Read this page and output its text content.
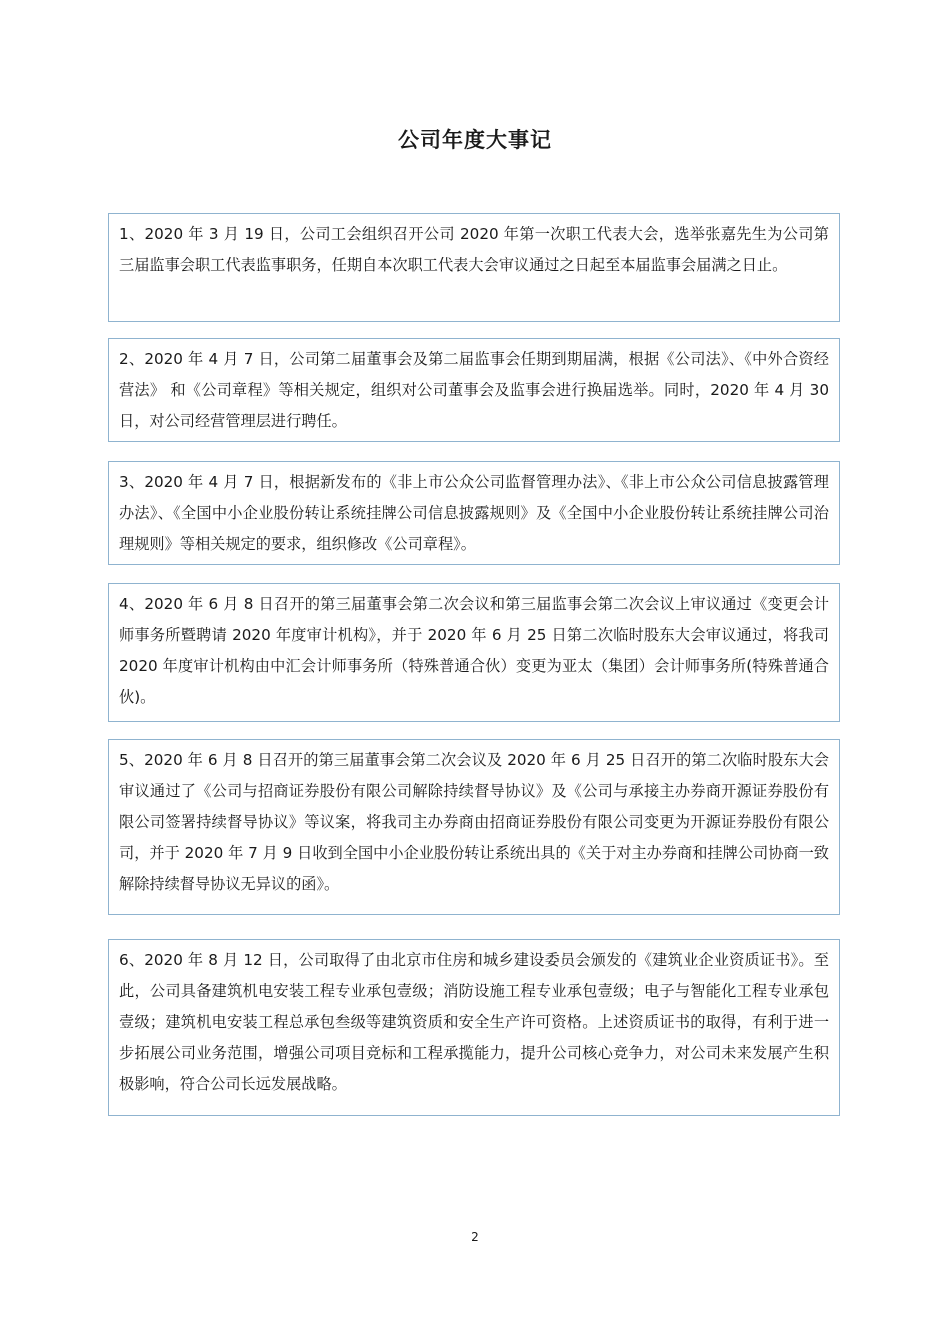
公司年度大事记

1、2020 年 3 月 19 日，公司工会组织召开公司 2020 年第一次职工代表大会，选举张嘉先生为公司第三届监事会职工代表监事职务，任期自本次职工代表大会审议通过之日起至本届监事会届满之日止。

2、2020 年 4 月 7 日，公司第二届董事会及第二届监事会任期到期届满，根据《公司法》、《中外合资经营法》 和《公司章程》等相关规定，组织对公司董事会及监事会进行换届选举。同时，2020 年 4 月 30 日，对公司经营管理层进行聘任。

3、2020 年 4 月 7 日，根据新发布的《非上市公众公司监督管理办法》、《非上市公众公司信息披露管理办法》、《全国中小企业股份转让系统挂牌公司信息披露规则》及《全国中小企业股份转让系统挂牌公司治理规则》等相关规定的要求，组织修改《公司章程》。

4、2020 年 6 月 8 日召开的第三届董事会第二次会议和第三届监事会第二次会议上审议通过《变更会计师事务所暨聘请 2020 年度审计机构》，并于 2020 年 6 月 25 日第二次临时股东大会审议通过，将我司 2020 年度审计机构由中汇会计师事务所（特殊普通合伙）变更为亚太（集团）会计师事务所(特殊普通合伙)。

5、2020 年 6 月 8 日召开的第三届董事会第二次会议及 2020 年 6 月 25 日召开的第二次临时股东大会审议通过了《公司与招商证券股份有限公司解除持续督导协议》及《公司与承接主办券商开源证券股份有限公司签署持续督导协议》等议案，将我司主办券商由招商证券股份有限公司变更为开源证券股份有限公司，并于 2020 年 7 月 9 日收到全国中小企业股份转让系统出具的《关于对主办券商和挂牌公司协商一致解除持续督导协议无异议的函》。

6、2020 年 8 月 12 日，公司取得了由北京市住房和城乡建设委员会颁发的《建筑业企业资质证书》。至此，公司具备建筑机电安装工程专业承包壹级；消防设施工程专业承包壹级；电子与智能化工程专业承包壹级；建筑机电安装工程总承包叁级等建筑资质和安全生产许可资格。上述资质证书的取得，有利于进一步拓展公司业务范围，增强公司项目竞标和工程承揽能力，提升公司核心竞争力，对公司未来发展产生积极影响，符合公司长远发展战略。

2
